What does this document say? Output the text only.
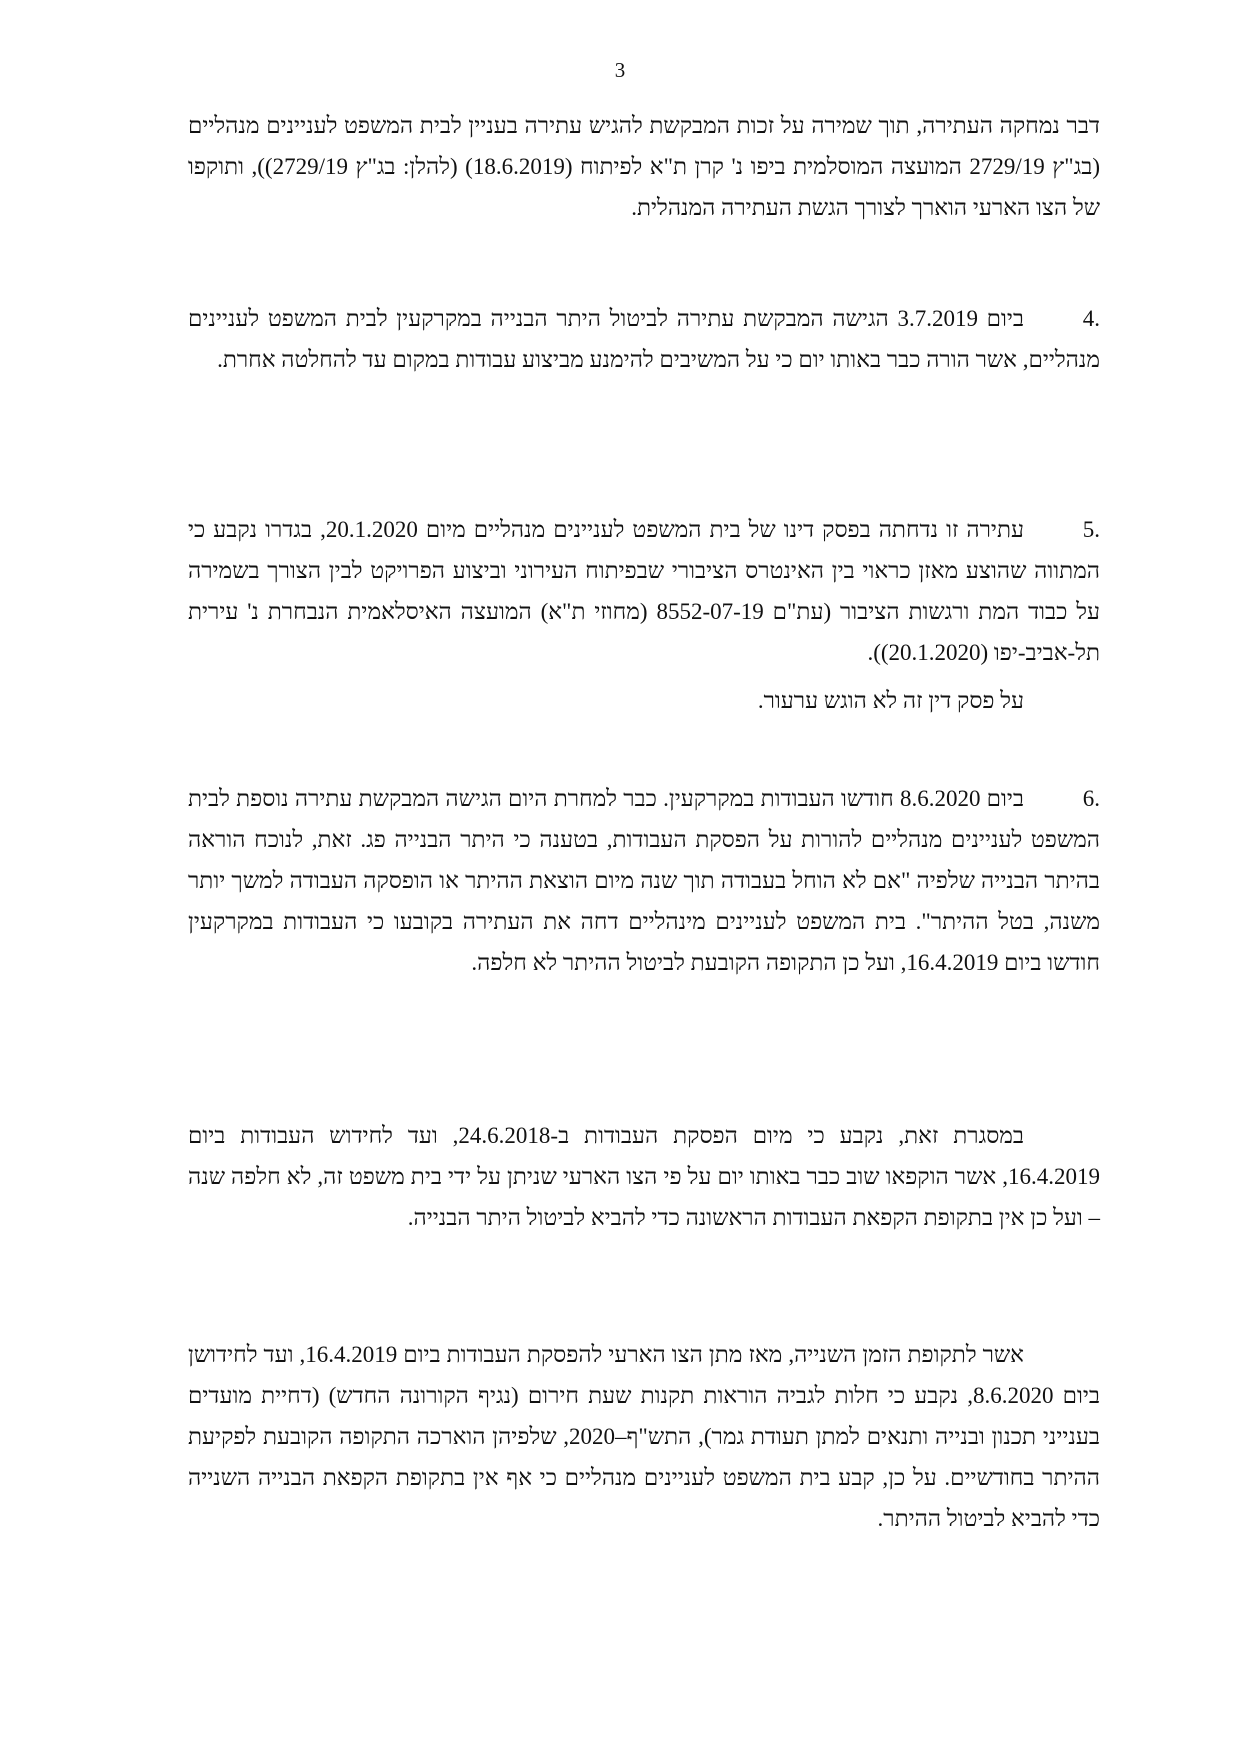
3

דבר נמחקה העתירה, תוך שמירה על זכות המבקשת להגיש עתירה בעניין לבית המשפט לעניינים מנהליים (בג"ץ 2729/19 המועצה המוסלמית ביפו נ' קרן ת"א לפיתוח (18.6.2019) (להלן: בג"ץ 2729/19)), ותוקפו של הצו הארעי הוארך לצורך הגשת העתירה המנהלית.

4.ביום 3.7.2019 הגישה המבקשת עתירה לביטול היתר הבנייה במקרקעין לבית המשפט לעניינים מנהליים, אשר הורה כבר באותו יום כי על המשיבים להימנע מביצוע עבודות במקום עד להחלטה אחרת.

5.עתירה זו נדחתה בפסק דינו של בית המשפט לעניינים מנהליים מיום 20.1.2020, בגדרו נקבע כי המתווה שהוצע מאזן כראוי בין האינטרס הציבורי שבפיתוח העירוני וביצוע הפרויקט לבין הצורך בשמירה על כבוד המת ורגשות הציבור (עת"ם 8552-07-19 (מחוזי ת"א) המועצה האיסלאמית הנבחרת נ' עירית תל-אביב-יפו (20.1.2020)).

על פסק דין זה לא הוגש ערעור.

6.ביום 8.6.2020 חודשו העבודות במקרקעין. כבר למחרת היום הגישה המבקשת עתירה נוספת לבית המשפט לעניינים מנהליים להורות על הפסקת העבודות, בטענה כי היתר הבנייה פג. זאת, לנוכח הוראה בהיתר הבנייה שלפיה "אם לא הוחל בעבודה תוך שנה מיום הוצאת ההיתר או הופסקה העבודה למשך יותר משנה, בטל ההיתר". בית המשפט לעניינים מינהליים דחה את העתירה בקובעו כי העבודות במקרקעין חודשו ביום 16.4.2019, ועל כן התקופה הקובעת לביטול ההיתר לא חלפה.

במסגרת זאת, נקבע כי מיום הפסקת העבודות ב-24.6.2018, ועד לחידוש העבודות ביום 16.4.2019, אשר הוקפאו שוב כבר באותו יום על פי הצו הארעי שניתן על ידי בית משפט זה, לא חלפה שנה – ועל כן אין בתקופת הקפאת העבודות הראשונה כדי להביא לביטול היתר הבנייה.

אשר לתקופת הזמן השנייה, מאז מתן הצו הארעי להפסקת העבודות ביום 16.4.2019, ועד לחידושן ביום 8.6.2020, נקבע כי חלות לגביה הוראות תקנות שעת חירום (נגיף הקורונה החדש) (דחיית מועדים בענייני תכנון ובנייה ותנאים למתן תעודת גמר), התש"ף–2020, שלפיהן הוארכה התקופה הקובעת לפקיעת ההיתר בחודשיים. על כן, קבע בית המשפט לעניינים מנהליים כי אף אין בתקופת הקפאת הבנייה השנייה כדי להביא לביטול ההיתר.
